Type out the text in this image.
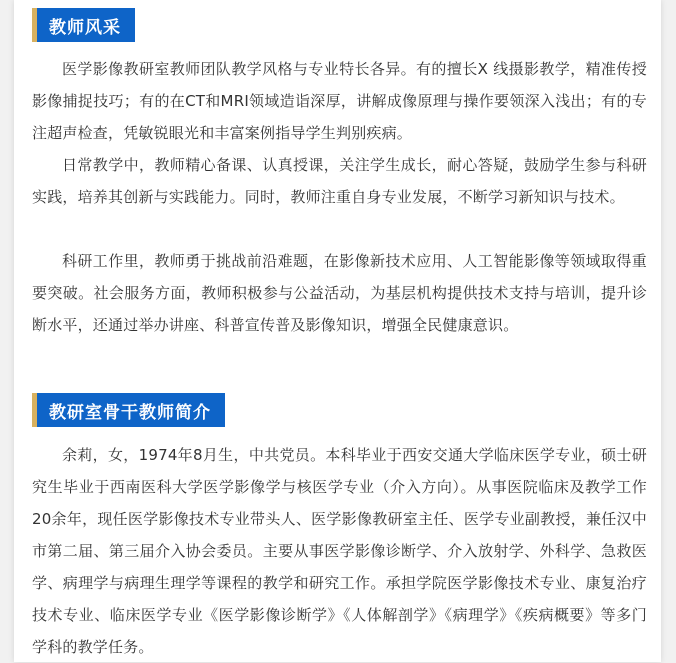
教师风采

医学影像教研室教师团队教学风格与专业特长各异。有的擅长X 线摄影教学，精准传授影像捕捉技巧；有的在CT和MRI领域造诣深厚，讲解成像原理与操作要领深入浅出；有的专注超声检查，凭敏锐眼光和丰富案例指导学生判别疾病。

日常教学中，教师精心备课、认真授课，关注学生成长，耐心答疑，鼓励学生参与科研实践，培养其创新与实践能力。同时，教师注重自身专业发展，不断学习新知识与技术。

科研工作里，教师勇于挑战前沿难题，在影像新技术应用、人工智能影像等领域取得重要突破。社会服务方面，教师积极参与公益活动，为基层机构提供技术支持与培训，提升诊断水平，还通过举办讲座、科普宣传普及影像知识，增强全民健康意识。

教研室骨干教师简介

余莉，女，1974年8月生，中共党员。本科毕业于西安交通大学临床医学专业，硕士研究生毕业于西南医科大学医学影像学与核医学专业（介入方向）。从事医院临床及教学工作20余年，现任医学影像技术专业带头人、医学影像教研室主任、医学专业副教授，兼任汉中市第二届、第三届介入协会委员。主要从事医学影像诊断学、介入放射学、外科学、急救医学、病理学与病理生理学等课程的教学和研究工作。承担学院医学影像技术专业、康复治疗技术专业、临床医学专业《医学影像诊断学》《人体解剖学》《病理学》《疾病概要》等多门学科的教学任务。
